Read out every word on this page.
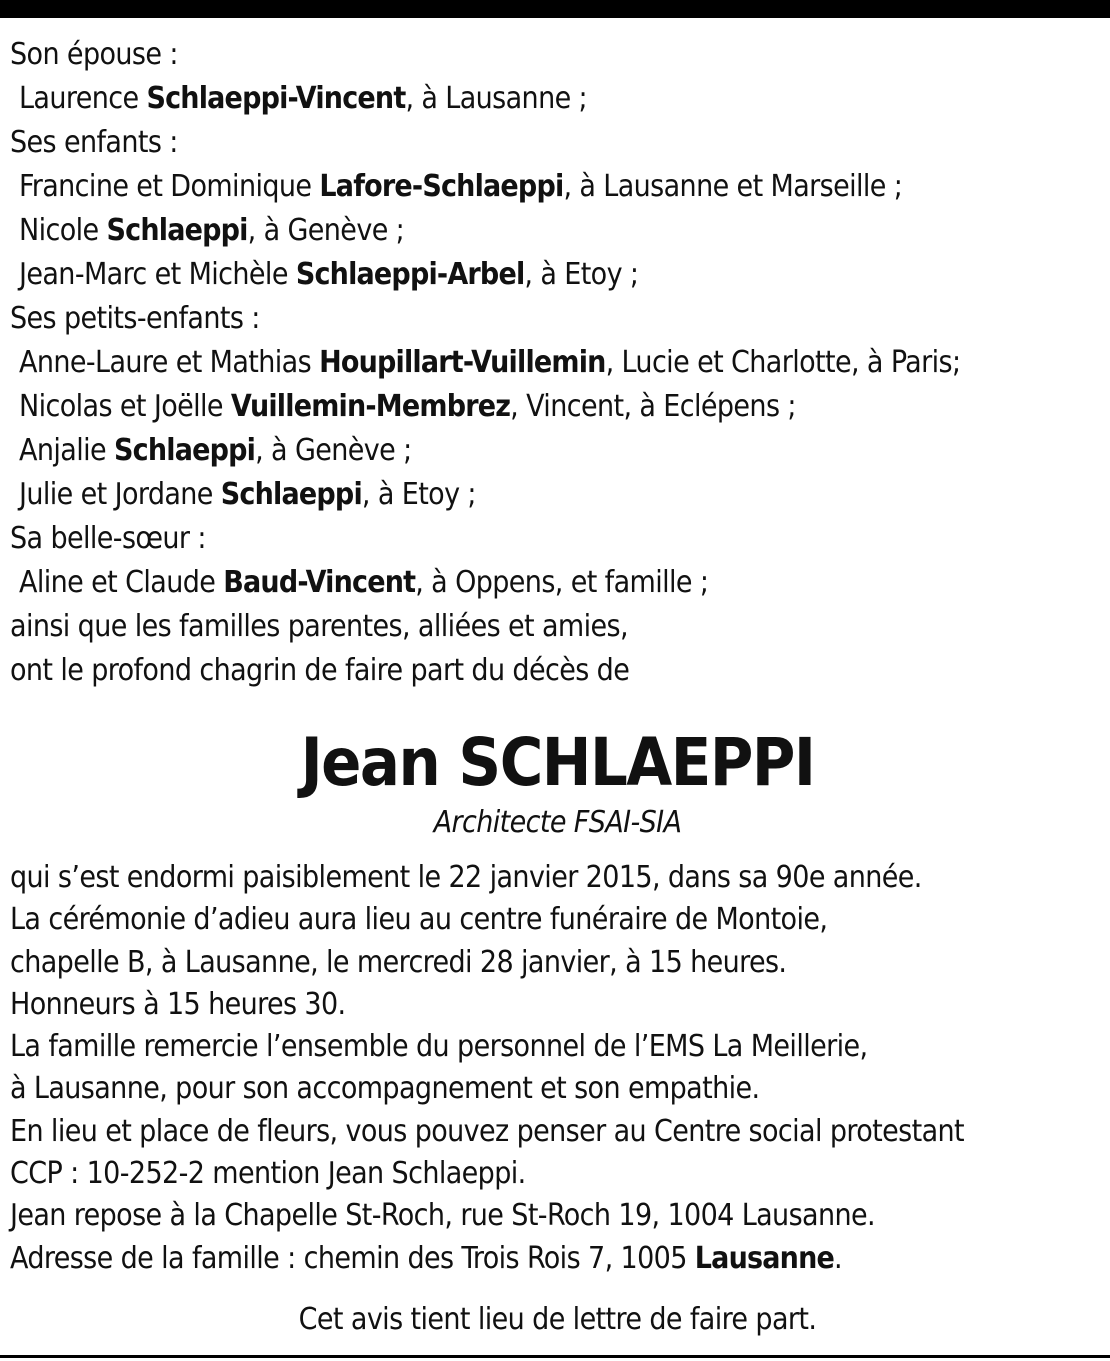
Son épouse :
Laurence Schlaeppi-Vincent, à Lausanne ;
Ses enfants :
Francine et Dominique Lafore-Schlaeppi, à Lausanne et Marseille ;
Nicole Schlaeppi, à Genève ;
Jean-Marc et Michèle Schlaeppi-Arbel, à Etoy ;
Ses petits-enfants :
Anne-Laure et Mathias Houpillart-Vuillemin, Lucie et Charlotte, à Paris;
Nicolas et Joëlle Vuillemin-Membrez, Vincent, à Eclépens ;
Anjalie Schlaeppi, à Genève ;
Julie et Jordane Schlaeppi, à Etoy ;
Sa belle-sœur :
Aline et Claude Baud-Vincent, à Oppens, et famille ;
ainsi que les familles parentes, alliées et amies,
ont le profond chagrin de faire part du décès de
Jean SCHLAEPPI
Architecte FSAI-SIA
qui s’est endormi paisiblement le 22 janvier 2015, dans sa 90e année.
La cérémonie d’adieu aura lieu au centre funéraire de Montoie,
chapelle B, à Lausanne, le mercredi 28 janvier, à 15 heures.
Honneurs à 15 heures 30.
La famille remercie l’ensemble du personnel de l’EMS La Meillerie,
à Lausanne, pour son accompagnement et son empathie.
En lieu et place de fleurs, vous pouvez penser au Centre social protestant
CCP : 10-252-2 mention Jean Schlaeppi.
Jean repose à la Chapelle St-Roch, rue St-Roch 19, 1004 Lausanne.
Adresse de la famille : chemin des Trois Rois 7, 1005 Lausanne.
Cet avis tient lieu de lettre de faire part.
